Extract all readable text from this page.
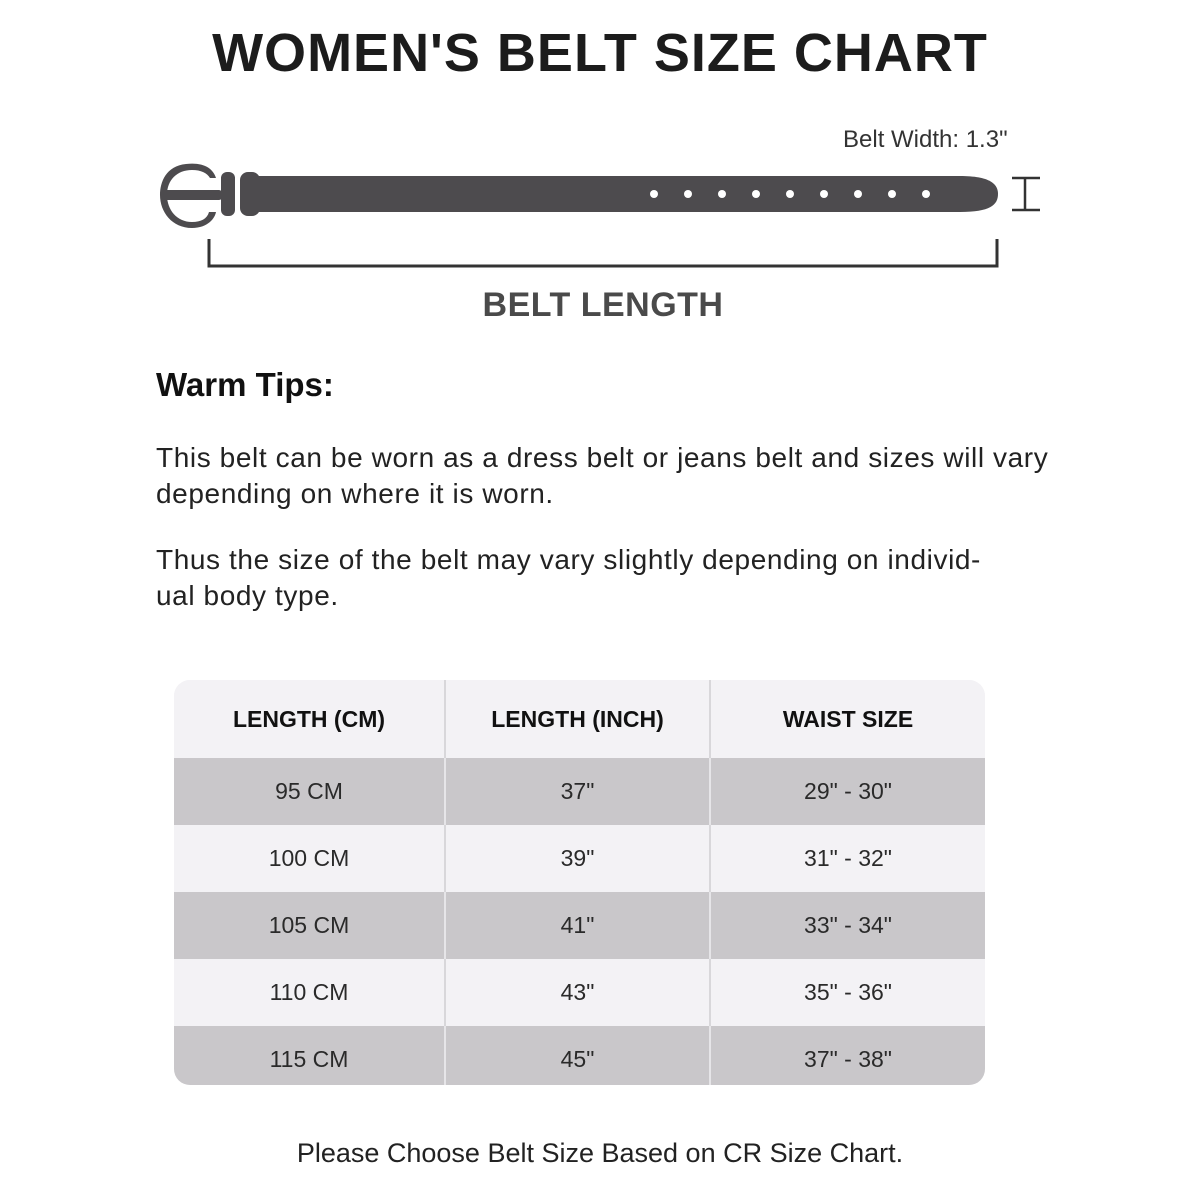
WOMEN'S BELT SIZE CHART
Belt Width: 1.3"
BELT LENGTH
Warm Tips:
This belt can be worn as a dress belt or jeans belt and sizes will vary depending on where it is worn.
Thus the size of the belt may vary slightly depending on individ-
ual body type.
LENGTH (CM)	LENGTH (INCH)	WAIST SIZE
95 CM	37"	29" - 30"
100 CM	39"	31" - 32"
105 CM	41"	33" - 34"
110 CM	43"	35" - 36"
115 CM	45"	37" - 38"
Please Choose Belt Size Based on CR Size Chart.
